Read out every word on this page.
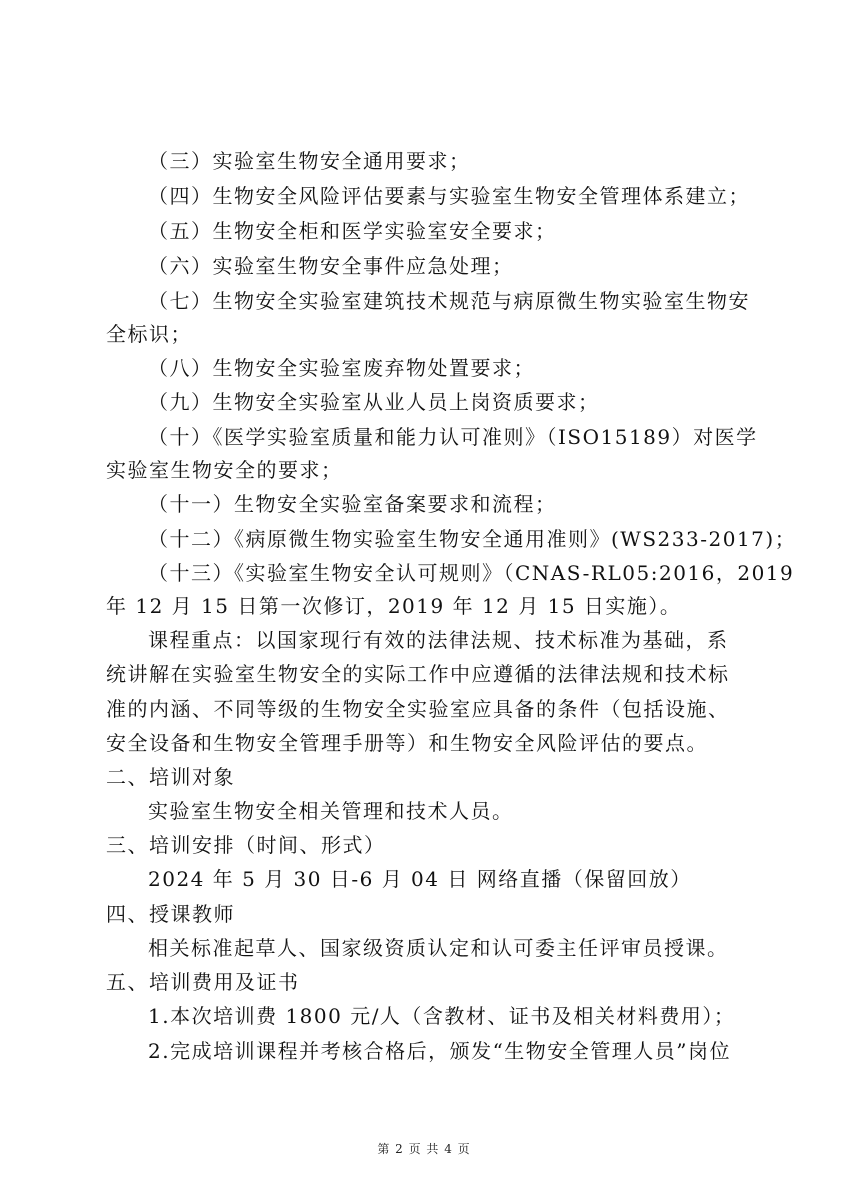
（三）实验室生物安全通用要求；
（四）生物安全风险评估要素与实验室生物安全管理体系建立；
（五）生物安全柜和医学实验室安全要求；
（六）实验室生物安全事件应急处理；
（七）生物安全实验室建筑技术规范与病原微生物实验室生物安
全标识；
（八）生物安全实验室废弃物处置要求；
（九）生物安全实验室从业人员上岗资质要求；
（十）《医学实验室质量和能力认可准则》（ISO15189）对医学
实验室生物安全的要求；
（十一）生物安全实验室备案要求和流程；
（十二）《病原微生物实验室生物安全通用准则》(WS233-2017)；
（十三）《实验室生物安全认可规则》（CNAS-RL05:2016，2019
年 12 月 15 日第一次修订，2019 年 12 月 15 日实施）。
课程重点：以国家现行有效的法律法规、技术标准为基础，系
统讲解在实验室生物安全的实际工作中应遵循的法律法规和技术标
准的内涵、不同等级的生物安全实验室应具备的条件（包括设施、
安全设备和生物安全管理手册等）和生物安全风险评估的要点。
二、培训对象
实验室生物安全相关管理和技术人员。
三、培训安排（时间、形式）
2024 年 5 月 30 日-6 月 04 日 网络直播（保留回放）
四、授课教师
相关标准起草人、国家级资质认定和认可委主任评审员授课。
五、培训费用及证书
1.本次培训费 1800 元/人（含教材、证书及相关材料费用）；
2.完成培训课程并考核合格后，颁发“生物安全管理人员”岗位
第 2 页 共 4 页
